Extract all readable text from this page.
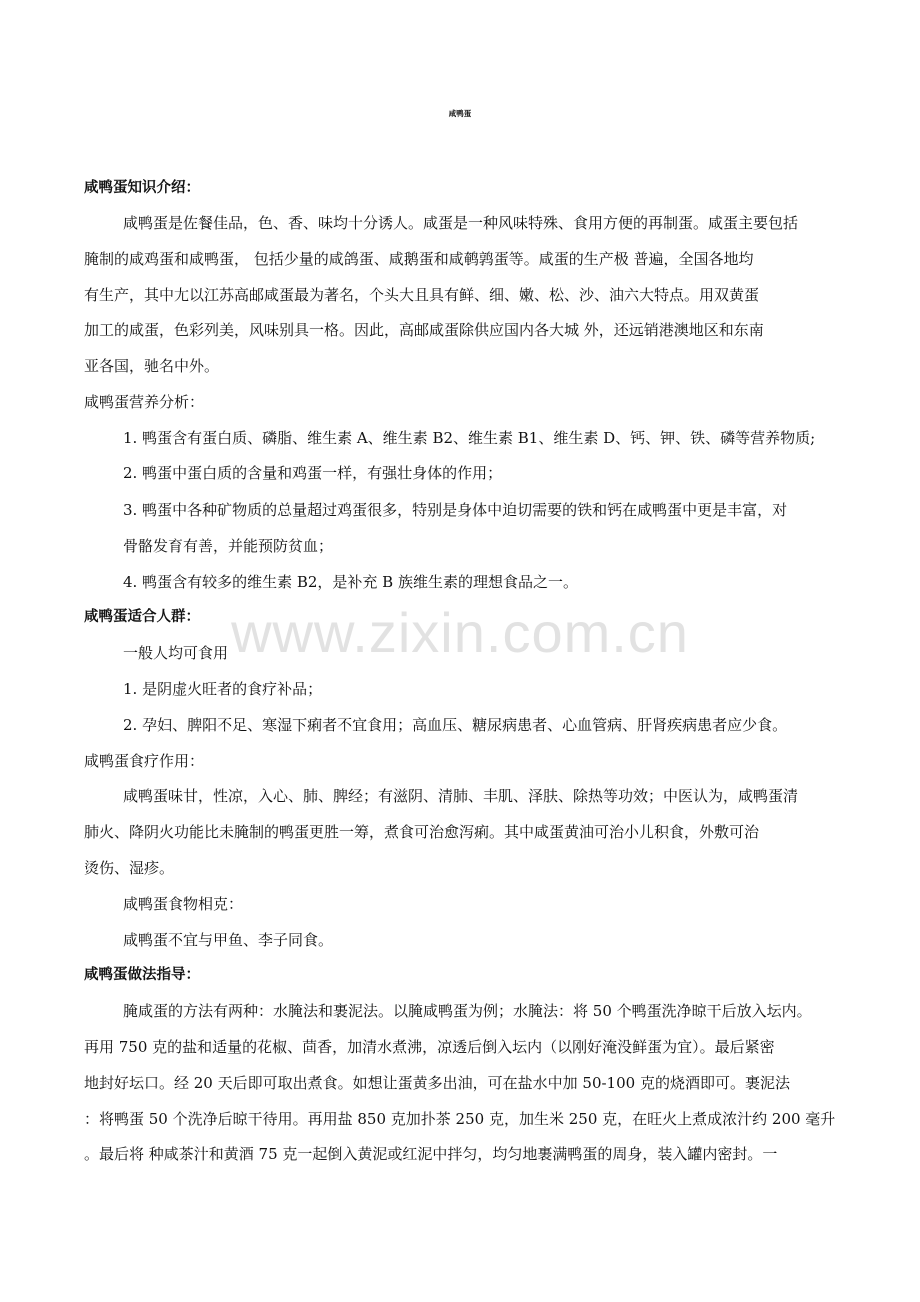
www.zixin.com.cn
咸鸭蛋
咸鸭蛋知识介绍：
咸鸭蛋是佐餐佳品，色、香、味均十分诱人。咸蛋是一种风味特殊、食用方便的再制蛋。咸蛋主要包括
腌制的咸鸡蛋和咸鸭蛋， 包括少量的咸鸽蛋、咸鹅蛋和咸鹌鹑蛋等。咸蛋的生产极 普遍，全国各地均
有生产，其中尢以江苏高邮咸蛋最为著名，个头大且具有鲜、细、嫩、松、沙、油六大特点。用双黄蛋
加工的咸蛋，色彩列美，风味别具一格。因此，高邮咸蛋除供应国内各大城 外，还远销港澳地区和东南
亚各国，驰名中外。
咸鸭蛋营养分析：
1. 鸭蛋含有蛋白质、磷脂、维生素 A、维生素 B2、维生素 B1、维生素 D、钙、钾、铁、磷等营养物质;
2. 鸭蛋中蛋白质的含量和鸡蛋一样，有强壮身体的作用；
3. 鸭蛋中各种矿物质的总量超过鸡蛋很多，特别是身体中迫切需要的铁和钙在咸鸭蛋中更是丰富，对
骨骼发育有善，并能预防贫血；
4. 鸭蛋含有较多的维生素 B2，是补充 B 族维生素的理想食品之一。
咸鸭蛋适合人群：
一般人均可食用
1. 是阴虚火旺者的食疗补品；
2. 孕妇、脾阳不足、寒湿下痢者不宜食用；高血压、糖尿病患者、心血管病、肝肾疾病患者应少食。
咸鸭蛋食疗作用：
咸鸭蛋味甘，性凉，入心、肺、脾经；有滋阴、清肺、丰肌、泽肤、除热等功效；中医认为，咸鸭蛋清
肺火、降阴火功能比未腌制的鸭蛋更胜一筹，煮食可治愈泻痢。其中咸蛋黄油可治小儿积食，外敷可治
烫伤、湿疹。
咸鸭蛋食物相克：
咸鸭蛋不宜与甲鱼、李子同食。
咸鸭蛋做法指导：
腌咸蛋的方法有两种：水腌法和裹泥法。以腌咸鸭蛋为例；水腌法：将 50 个鸭蛋洗净晾干后放入坛内。
再用 750 克的盐和适量的花椒、茴香，加清水煮沸，凉透后倒入坛内（以刚好淹没鲜蛋为宜）。最后紧密
地封好坛口。经 20 天后即可取出煮食。如想让蛋黄多出油，可在盐水中加 50-100 克的烧酒即可。裹泥法
：将鸭蛋 50 个洗净后晾干待用。再用盐 850 克加扑茶 250 克，加生米 250 克，在旺火上煮成浓汁约 200 毫升
。最后将 种咸茶汁和黄酒 75 克一起倒入黄泥或红泥中拌匀，均匀地裹满鸭蛋的周身，装入罐内密封。一
